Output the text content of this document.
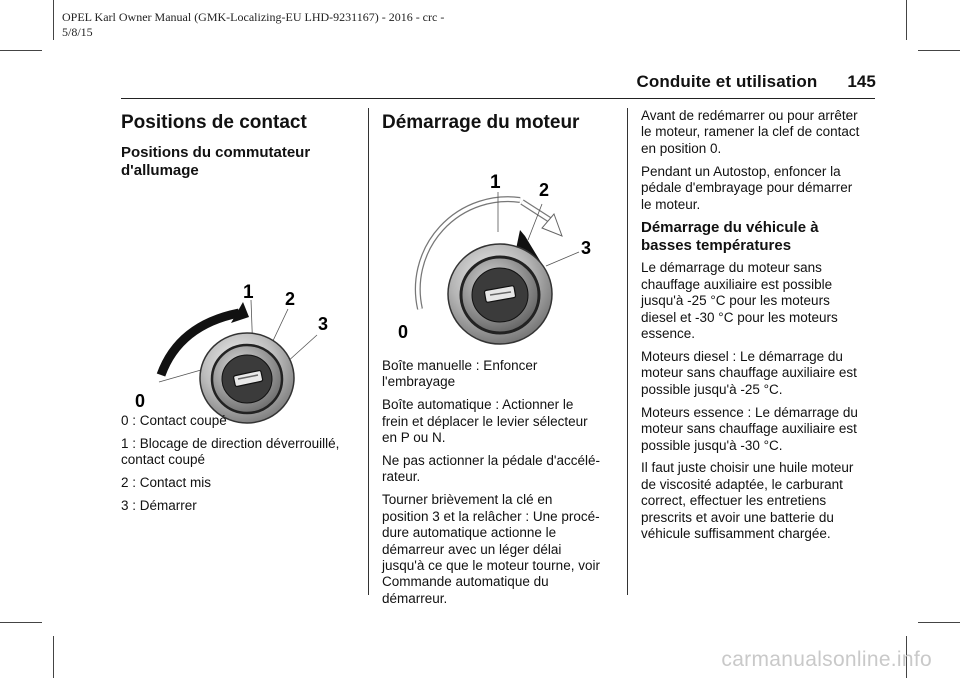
OPEL Karl Owner Manual (GMK-Localizing-EU LHD-9231167) - 2016 - crc -
5/8/15
Conduite et utilisation 145
Positions de contact
Positions du commutateur
d'allumage
0
1 2
3

0 : Contact coupé

1 : Blocage de direction déverrouillé,
contact coupé

2 : Contact mis

3 : Démarrer

Démarrage du moteur
0
1 2
3

Boîte manuelle : Enfoncer
l'embrayage

Boîte automatique : Actionner le
frein et déplacer le levier sélecteur
en P ou N.

Ne pas actionner la pédale d'accélé-
rateur.

Tourner brièvement la clé en
position 3 et la relâcher : Une procé-
dure automatique actionne le
démarreur avec un léger délai
jusqu'à ce que le moteur tourne, voir
Commande automatique du
démarreur.

Avant de redémarrer ou pour arrêter
le moteur, ramener la clef de contact
en position 0.

Pendant un Autostop, enfoncer la
pédale d'embrayage pour démarrer
le moteur.

Démarrage du véhicule à
basses températures

Le démarrage du moteur sans
chauffage auxiliaire est possible
jusqu'à -25 °C pour les moteurs
diesel et -30 °C pour les moteurs
essence.

Moteurs diesel : Le démarrage du
moteur sans chauffage auxiliaire est
possible jusqu'à -25 °C.

Moteurs essence : Le démarrage du
moteur sans chauffage auxiliaire est
possible jusqu'à -30 °C.

Il faut juste choisir une huile moteur
de viscosité adaptée, le carburant
correct, effectuer les entretiens
prescrits et avoir une batterie du
véhicule suffisamment chargée.

carmanualsonline.info
